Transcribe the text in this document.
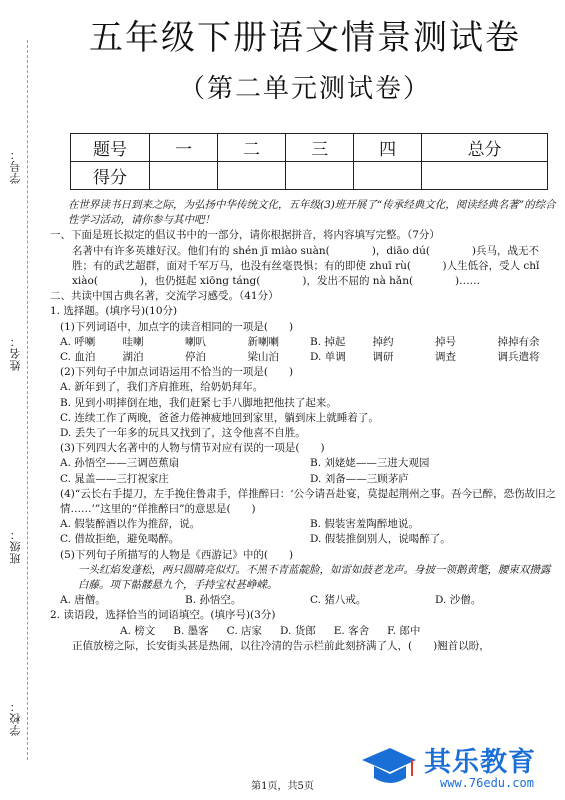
学号：
姓名：
班级：
学校：
五年级下册语文情景测试卷
（第二单元测试卷）
题号	一	二	三	四	总分
得分					

在世界读书日到来之际，为弘扬中华传统文化，五年级(3)班开展了“传承经典文化，阅读经典名著”的综合性学习活动，请你参与其中吧！

一、下面是班长拟定的倡议书中的一部分，请你根据拼音，将内容填写完整。（7分）

名著中有许多英雄好汉。他们有的 shén jī miào suàn(　　　　)，diāo dú(　　　　)兵马，战无不胜；有的武艺超群，面对千军万马，也没有丝毫畏惧；有的即使 zhuī rù(　　　)人生低谷，受人 chǐ xiào(　　　　)，也仍挺起 xiōng táng(　　　　)，发出不屈的 nà hǎn(　　　　)……

二、共读中国古典名著，交流学习感受。（41分）

1. 选择题。(填序号)(10分)

(1)下列词语中，加点字的读音相同的一项是(　　)

A. 呼喇	哇喇	喇叭	新喇喇	B. 掉起	掉约	掉号	掉掉有余
C. 血泊	湖泊	停泊	梁山泊	D. 单调	调研	调查	调兵遣将

(2)下列句子中加点词语运用不恰当的一项是(　　)

A. 新年到了，我们齐肩推班，给奶奶拜年。

B. 见到小明摔倒在地，我们赶紧七手八脚地把他扶了起来。

C. 连续工作了两晚，爸爸力倦神疲地回到家里，躺到床上就睡着了。

D. 丢失了一年多的玩具又找到了，这令他喜不自胜。

(3)下列四大名著中的人物与情节对应有误的一项是(　　)

A. 孙悟空——三调芭蕉扇	B. 刘姥姥——三进大观园
C. 晁盖——三打祝家庄	D. 刘备——三顾茅庐

(4)“云长右手提刀，左手挽住鲁肃手，佯推醉曰：‘公今请吾赴宴，莫提起荆州之事。吾今已醉，恐伤故旧之情……’”这里的“佯推醉曰”的意思是(　　)

A. 假装醉酒以作为推辞，说。	B. 假装害羞陶醉地说。
C. 借故拒绝，避免喝醉。	D. 假装推倒别人，说喝醉了。

(5)下列句子所描写的人物是《西游记》中的(　　)

一头红焰发蓬松，两只圆睛亮似灯。不黑不青蓝靛脸，如雷如鼓老龙声。身披一领鹅黄氅，腰束双攒露白藤。项下骷髅悬九个，手持宝杖甚峥嵘。

A. 唐僧。	B. 孙悟空。	C. 猪八戒。	D. 沙僧。

2. 读语段，选择恰当的词语填空。(填序号)(3分)

A. 榜文 B. 墨客 C. 店家 D. 货郎 E. 客舍 F. 郎中

正值放榜之际，长安街头甚是热闹，以往冷清的告示栏前此刻挤满了人，(　　)翘首以盼，

其乐教育
www.76edu.com
第1页，共5页
